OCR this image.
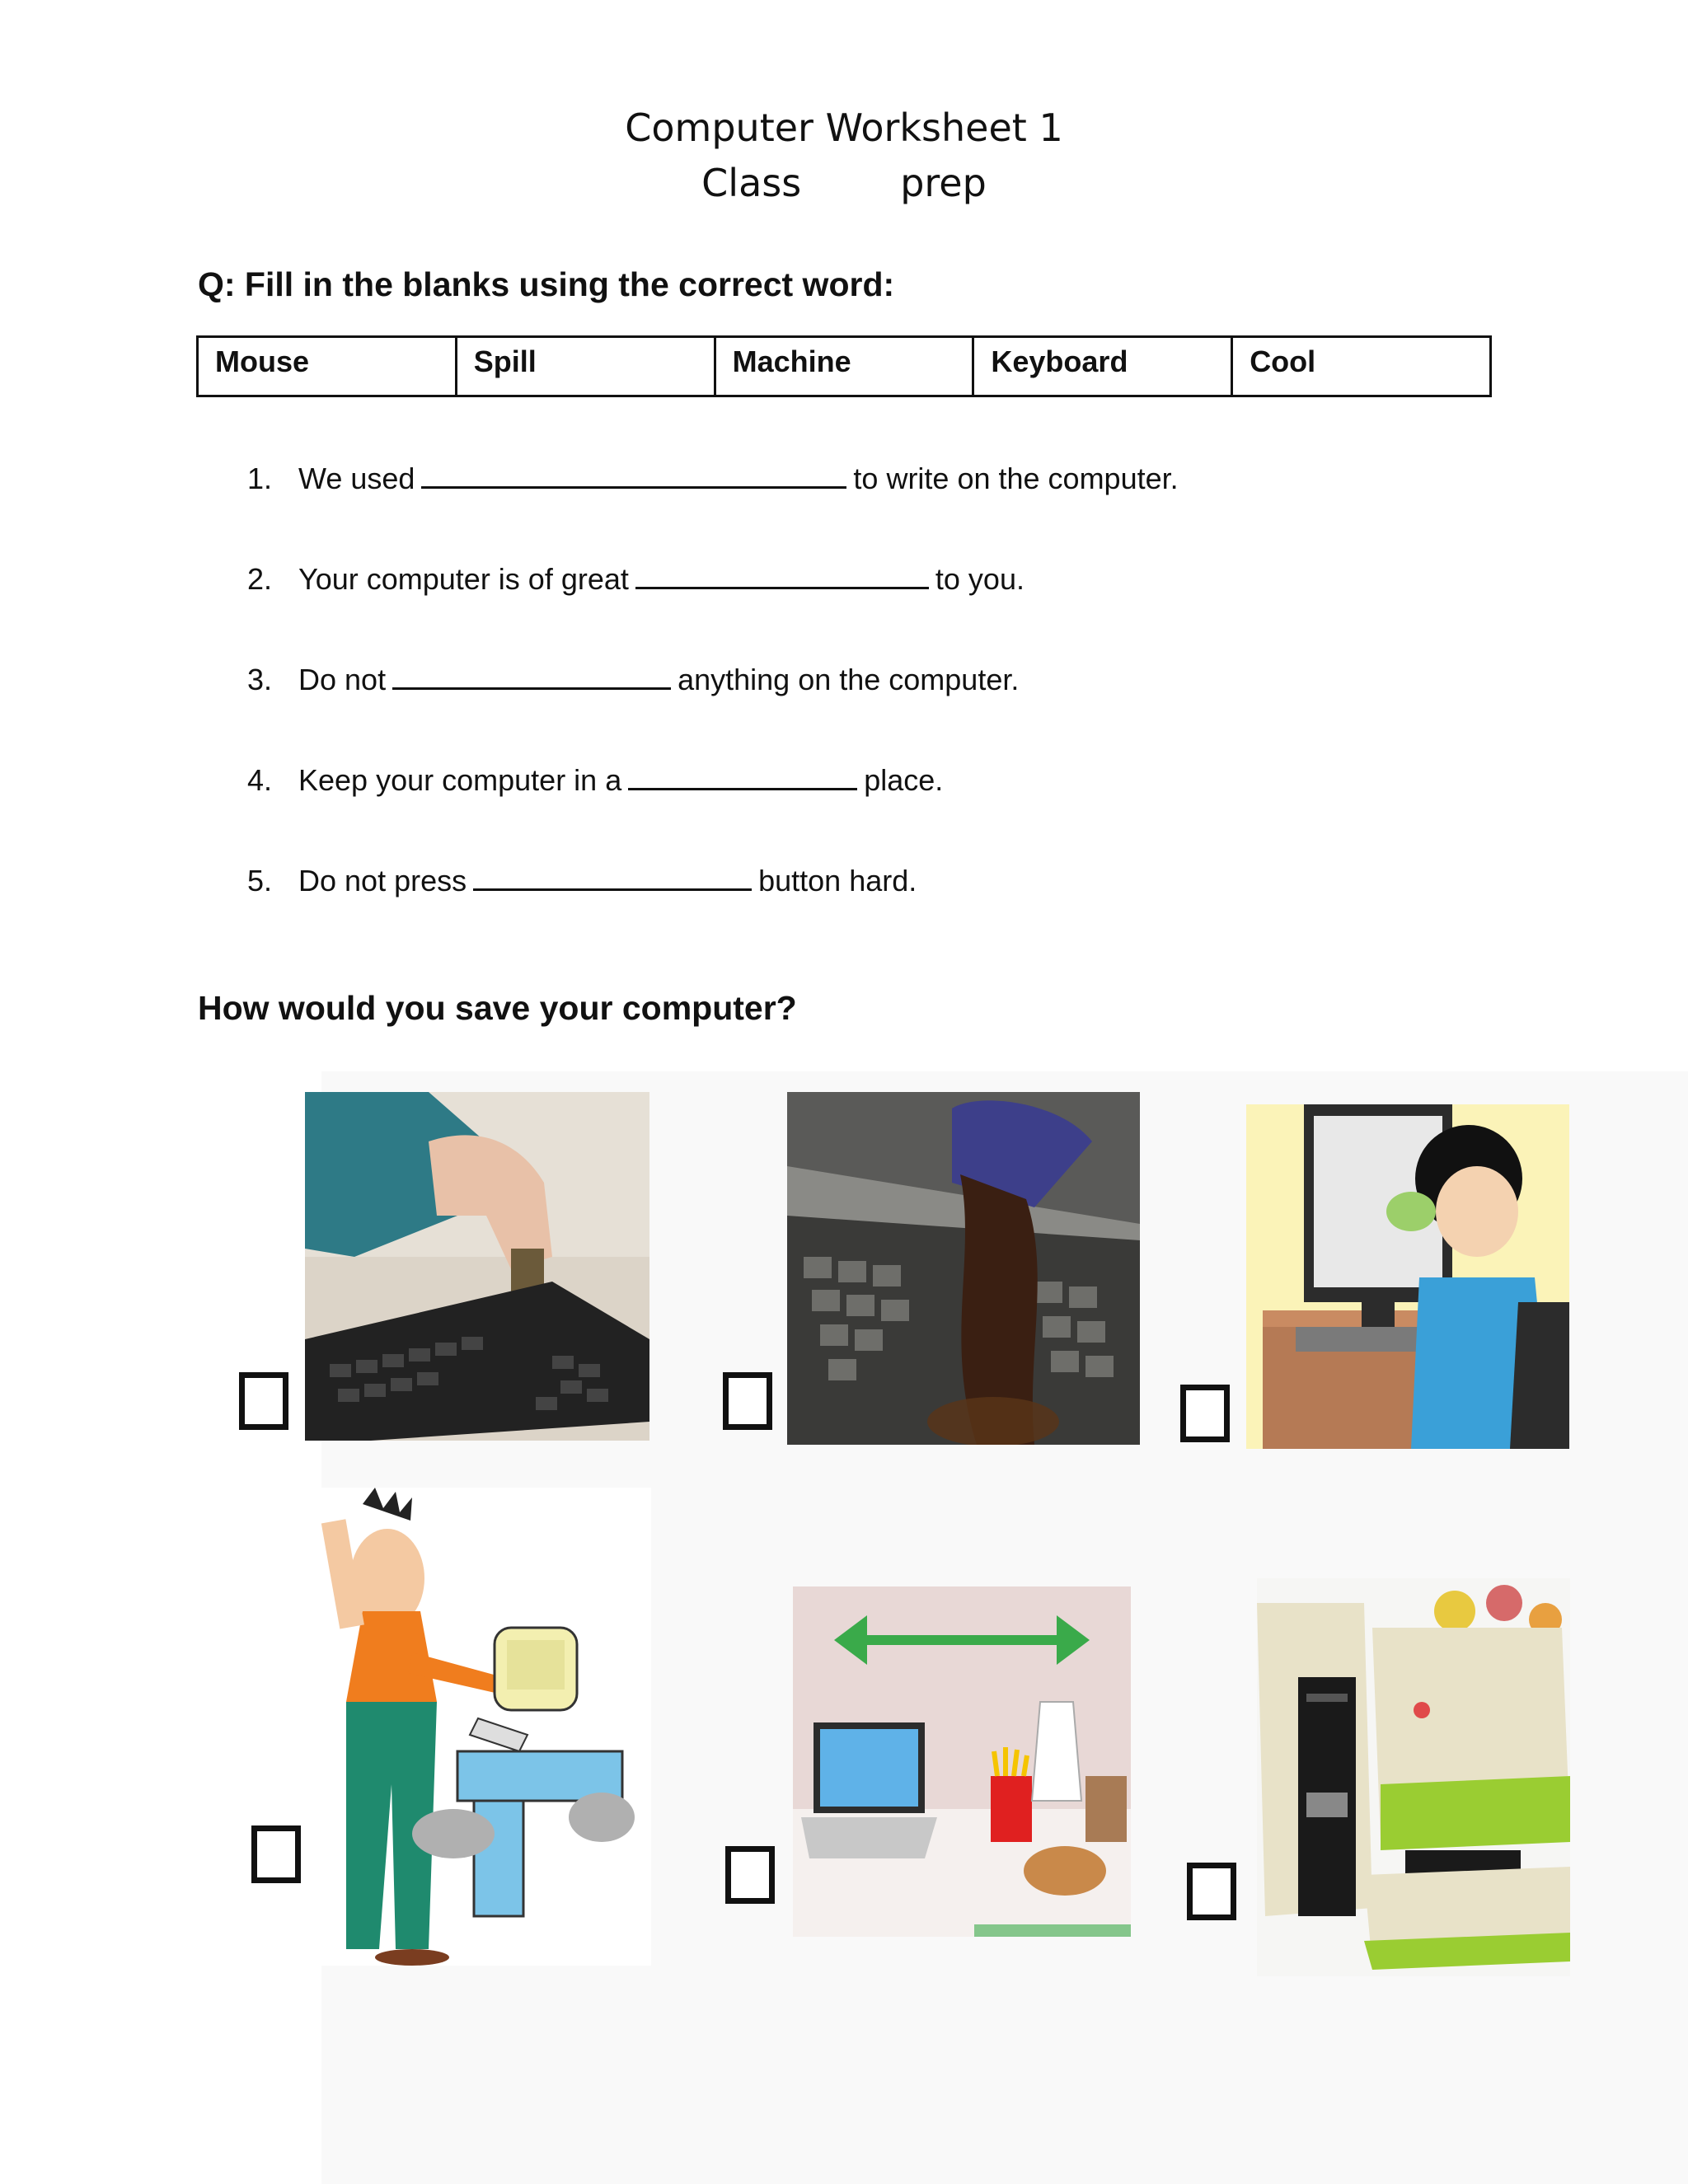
Computer Worksheet 1
Class	prep
Q: Fill in the blanks using the correct word:
Mouse	Spill	Machine	Keyboard	Cool
1. We used	to write on the computer.
2. Your computer is of great	to you.
3. Do not	anything on the computer.
4. Keep your computer in a	place.
5. Do not press	button hard.
How would you save your computer?
